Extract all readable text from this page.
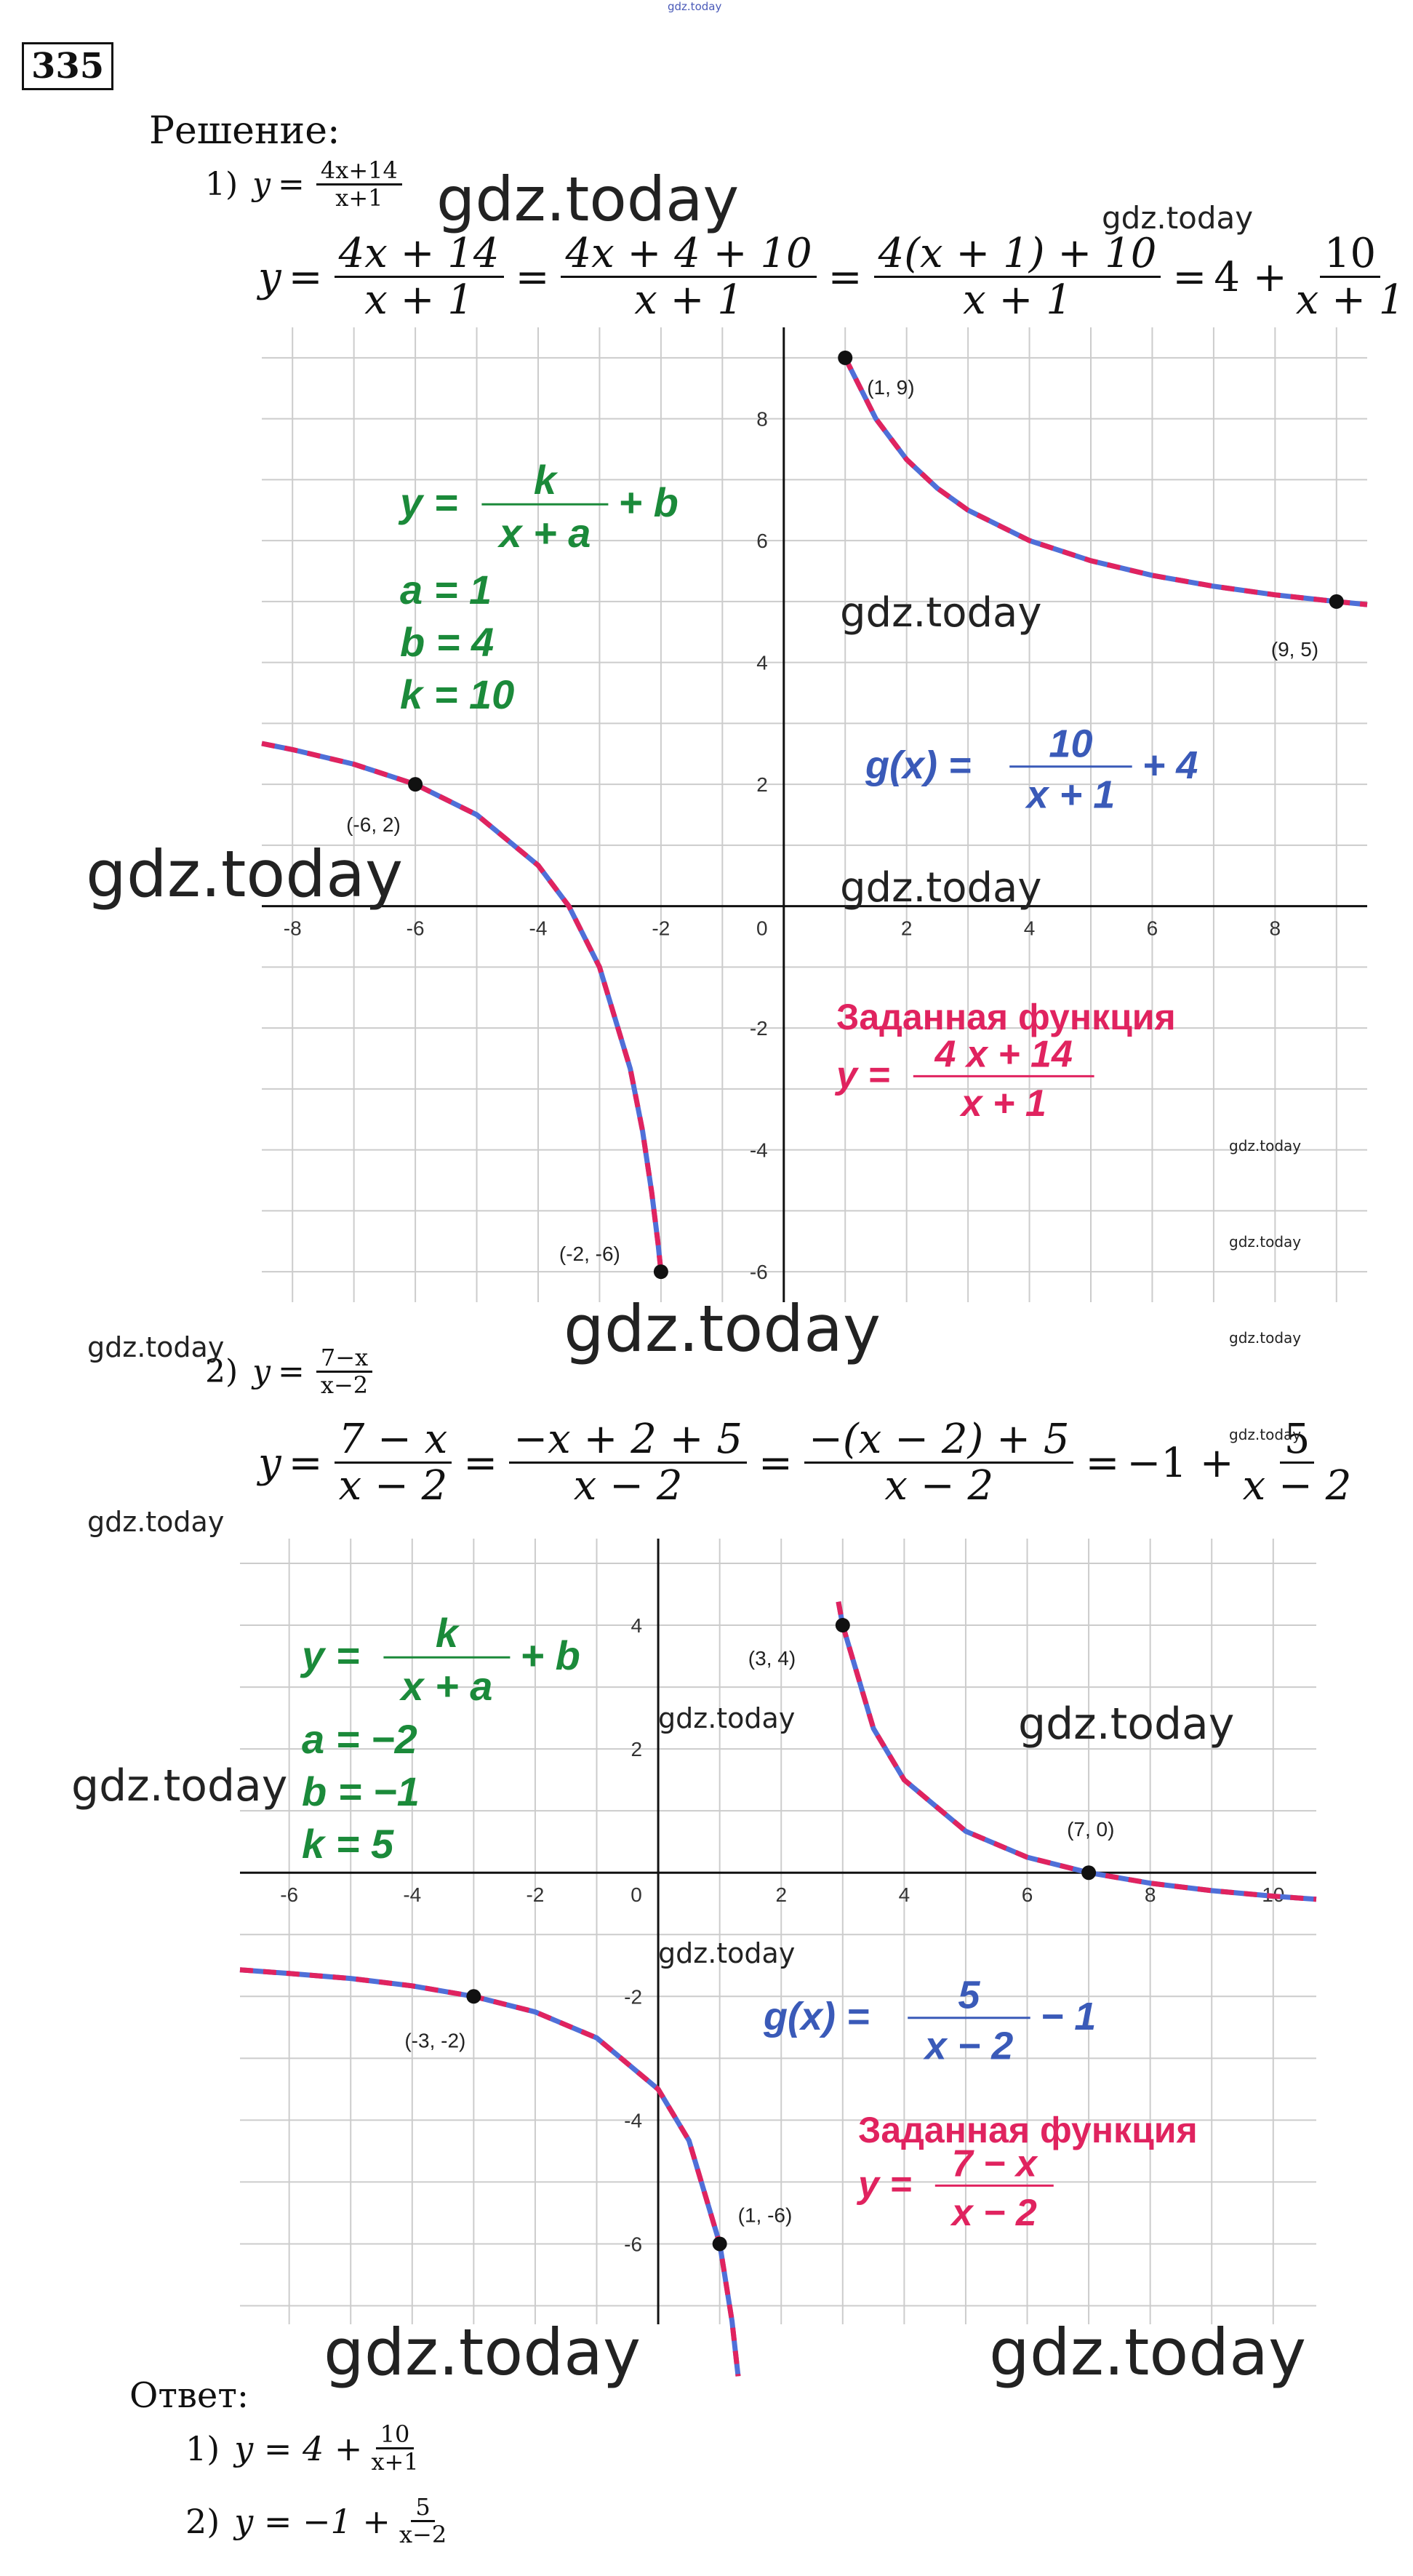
gdz.today
335
Решение:
1) $y = \frac{4x+14}{x+1}$
$y = \frac{4x + 14}{x + 1} = \frac{4x + 4 + 10}{x + 1} = \frac{4(x + 1) + 10}{x + 1} = 4 + \frac{10}{x + 1}$
-8	-6	-4	-2	0	2	4	6	8
-6
-4
-2
2
4
6
8
(1, 9)
(9, 5)
(-6, 2)
(-2, -6)
y = k
x + a
+ b
a = 1
b = 4
k = 10
g(x) = 10
x + 1
+ 4
Заданная функция
y = 4 x + 14
x + 1
2) $y = \frac{7-x}{x-2}$
$y = \frac{7 - x}{x - 2} = \frac{-x + 2 + 5}{x - 2} = \frac{-(x - 2) + 5}{x - 2} = -1 + \frac{5}{x - 2}$
-6	-4	-2	0	2	4	6	8	10
-6
-4
-2
2
4
(3, 4)
(7, 0)
(-3, -2)
(1, -6)
y = k
x + a
+ b
a = −2
b = −1
k = 5
g(x) = 5
x − 2
− 1
Заданная функция
y = 7 − x
x − 2
Ответ:
1) $y = 4 + \frac{10}{x+1}$
2) $y = -1 + \frac{5}{x-2}$
gdz.today	gdz.today
gdz.today
gdz.today	gdz.today
gdz.today
gdz.today
gdz.today
gdz.today	gdz.today
gdz.today
gdz.today
gdz.today	gdz.today
gdz.today
gdz.today
gdz.today	gdz.today
